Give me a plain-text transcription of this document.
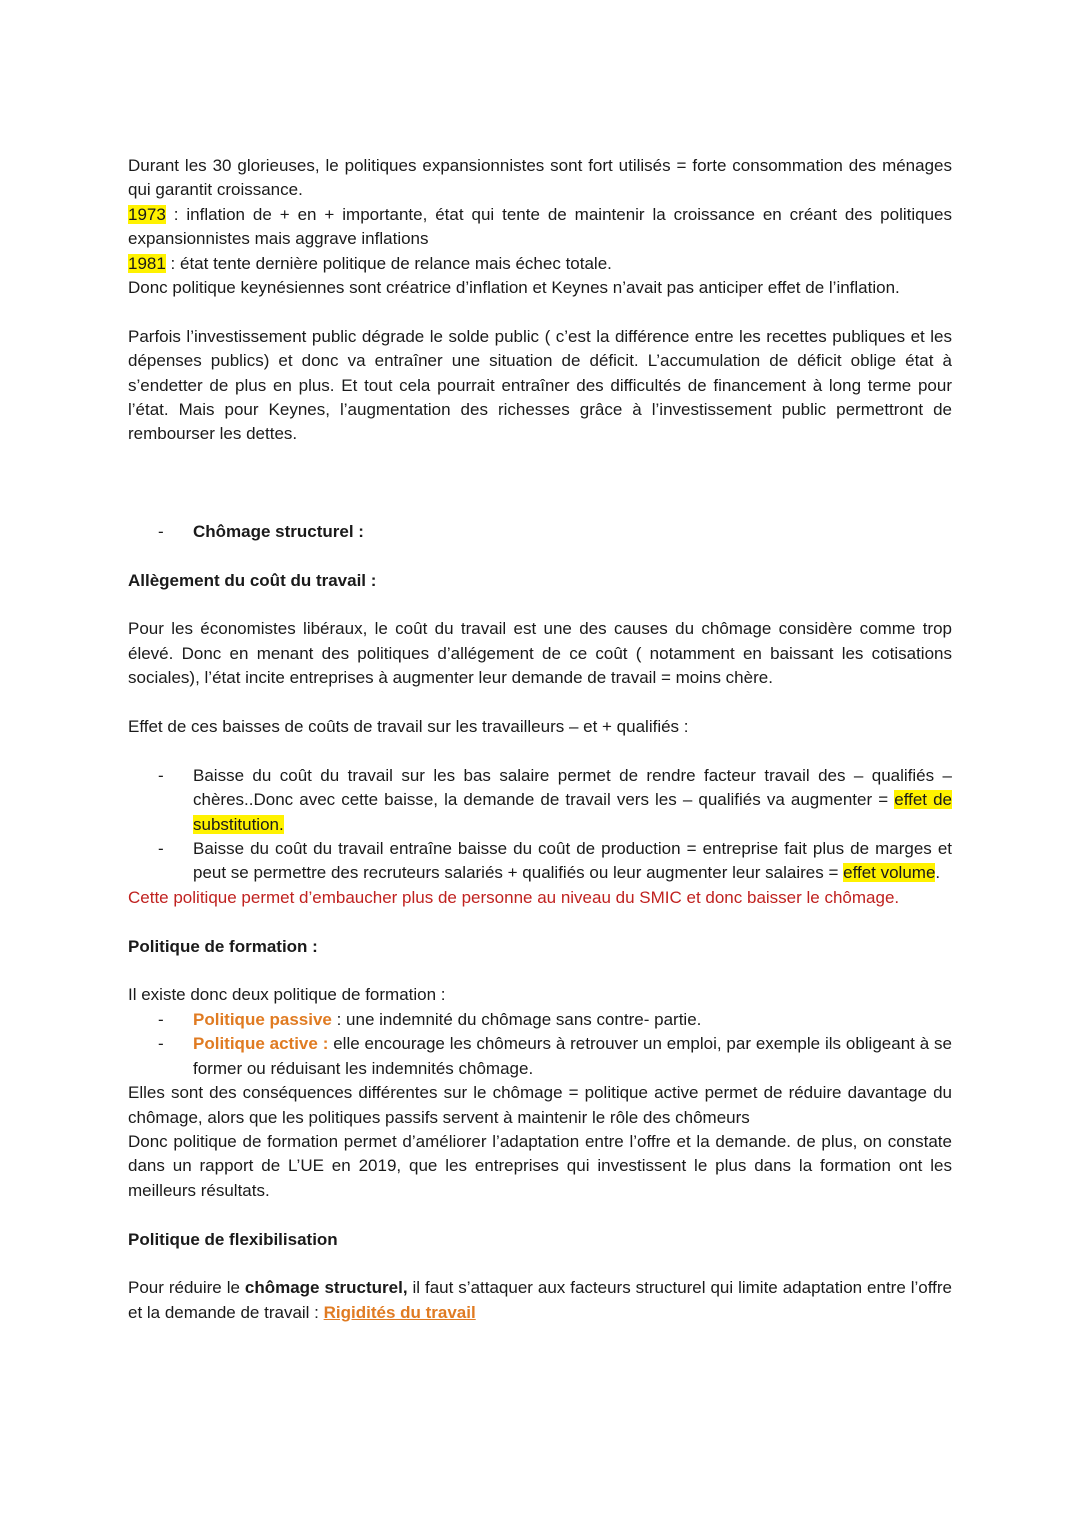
Durant les 30 glorieuses, le politiques expansionnistes sont fort utilisés = forte consommation des ménages qui garantit croissance.
1973 : inflation de + en + importante, état qui tente de maintenir la croissance en créant des politiques expansionnistes mais aggrave inflations
1981 : état tente dernière politique de relance mais échec totale.
Donc politique keynésiennes sont créatrice d’inflation et Keynes n’avait pas anticiper effet de l’inflation.

Parfois l’investissement public dégrade le solde public ( c’est la différence entre les recettes publiques et les dépenses publics) et donc va entraîner une situation de déficit. L’accumulation de déficit oblige état à s’endetter de plus en plus. Et tout cela pourrait entraîner des difficultés de financement à long terme pour l’état. Mais pour Keynes, l’augmentation des richesses grâce à l’investissement public permettront de rembourser les dettes.

- Chômage structurel :

Allègement du coût du travail :

Pour les économistes libéraux, le coût du travail est une des causes du chômage considère comme trop élevé. Donc en menant des politiques d’allégement de ce coût ( notamment en baissant les cotisations sociales), l’état incite entreprises à augmenter leur demande de travail = moins chère.

Effet de ces baisses de coûts de travail sur les travailleurs – et + qualifiés :

- Baisse du coût du travail sur les bas salaire permet de rendre facteur travail des – qualifiés – chères..Donc avec cette baisse, la demande de travail vers les – qualifiés va augmenter = effet de substitution.
- Baisse du coût du travail entraîne baisse du coût de production = entreprise fait plus de marges et peut se permettre des recruteurs salariés + qualifiés ou leur augmenter leur salaires = effet volume.

Cette politique permet d’embaucher plus de personne au niveau du SMIC et donc baisser le chômage.

Politique de formation :

Il existe donc deux politique de formation :

- Politique passive : une indemnité du chômage sans contre- partie.
- Politique active : elle encourage les chômeurs à retrouver un emploi, par exemple ils obligeant à se former ou réduisant les indemnités chômage.

Elles sont des conséquences différentes sur le chômage = politique active permet de réduire davantage du chômage, alors que les politiques passifs servent à maintenir le rôle des chômeurs

Donc politique de formation permet d’améliorer l’adaptation entre l’offre et la demande. de plus, on constate dans un rapport de L’UE en 2019, que les entreprises qui investissent le plus dans la formation ont les meilleurs résultats.

Politique de flexibilisation

Pour réduire le chômage structurel, il faut s’attaquer aux facteurs structurel qui limite adaptation entre l’offre et la demande de travail : Rigidités du travail
